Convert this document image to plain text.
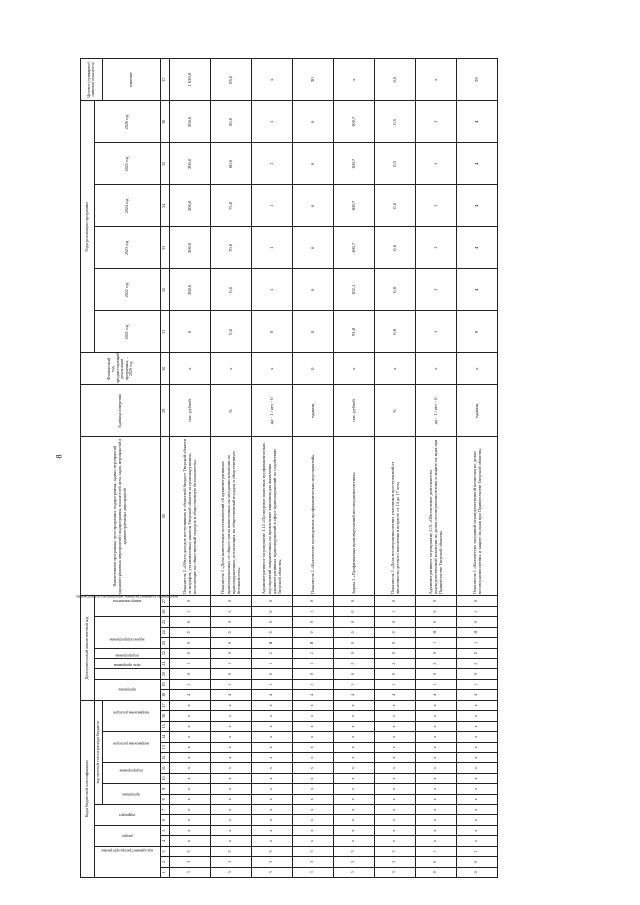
8
Коды бюджетной классификации																	Дополнительный аналитический код										Наименование программы, цели программы, подпрограммы, задачи, мероприятий (административных мероприятий) подпрограммы, показателей цели, задач, мероприятий и административных мероприятий	Единица измерения	Финансовый год, предшествующий реализации программы, – 2020 год	Годы реализации программы						Целевое (суммарное) значение показателя
код администратора программы			раздел		подраздел		код целевой статьи расхода бюджета										программа		цель программы	подпрограмма	задача подпрограммы	мероприятие (административное мероприятие) подпрограммы			номер показателя					2021 год	2022 год	2023 год	2024 год	2025 год	2026 год	
							программа		подпрограмма		направление расходов			направление расходов																						значение
1	2	3	4	5	6	7	8	9	10	11	12	13	14	15	16	17	18	19	20	21	22	23	24	25	26	27	28	29	30	31	32	33	34	35	36	37
3	3	5	х	х	х	х	х	х	х	х	х	х	х	х	х	х	4	1	0	1	0	0	0	0	1	0	Показатель 2 «Объем доходов поступивших в областной бюджет Тверской области от штрафов, установленных законом Тверской области за правонарушения, посягающие на общественный порядок и общественную безопасность»	тыс. рублей	х	0	208,0	206,0	206,0	206,0	206,0	1 030,0
3	3	5	х	х	х	х	х	х	х	х	х	х	х	х	х	х	4	1	0	1	0	0	0	0	2	0	Показатель 3 «Доля вынесенных постановлений об административных правонарушениях от общего числа вынесенных на заседании комиссии по правонарушениям, посягающих на общественный порядок и общественную безопасность»	%	х	0,0	0,0	70,0	75,0	80,0	85,0	85,0
3	3	5	х	х	х	х	х	х	х	х	х	х	х	х	х	х	4	1	0	1	2	Я	0	0	0	0	Административное мероприятие 1.12 «Проведение плановых профилактических мероприятий направленных на привлечение внимания для выявления административных правонарушений в сфере правонарушений по содействию Тверской области»	да - 1 / нет - 0	х	0	1	1	1	1	1	х
3	3	5	х	х	х	х	х	х	х	х	х	х	х	х	х	х	4	1	0	1	2	Я	0	0	1	0	Показатель 1 «Количество проведенных профилактических мероприятий»	единиц	0	0	6	6	6	6	6	30
3	3	5	х	х	х	х	х	х	х	х	х	х	х	х	х	х	4	1	0	2	0	0	0	0	0	0	Задача 2 «Профилактика правонарушений несовершеннолетних»	тыс. рублей	х	91,8	102,1	100,7	100,7	100,7	100,7	х
3	3	5	х	х	х	х	х	х	х	х	х	х	х	х	х	х	4	1	0	2	0	0	0	0	1	0	Показатель 1 «Доля несовершеннолетних участников преступлений от численности детского населения в возрасте от 14 до 17 лет»	%	х	0,9	0,8	0,6	0,6	0,5	0,5	0,5
0	0	1	х	х	х	х	х	х	х	х	х	х	х	х	х	х	4	1	0	2	0	1	Я	0	0	0	Административное мероприятие 2.01 «Обеспечение деятельности межведомственной комиссии по делам несовершеннолетних и защите их прав при Правительстве Тверской области»	да - 1 / нет - 0	х	1	1	1	1	1	1	х
0	0	1	х	х	х	х	х	х	х	х	х	х	х	х	х	х	4	1	0	2	0	1	Я	0	1	0	Показатель 1 «Количество заседаний межведомственной комиссии по делам несовершеннолетних и защите их прав при Правительстве Тверской области»	единиц	х	9	4	4	4	4	4	29
